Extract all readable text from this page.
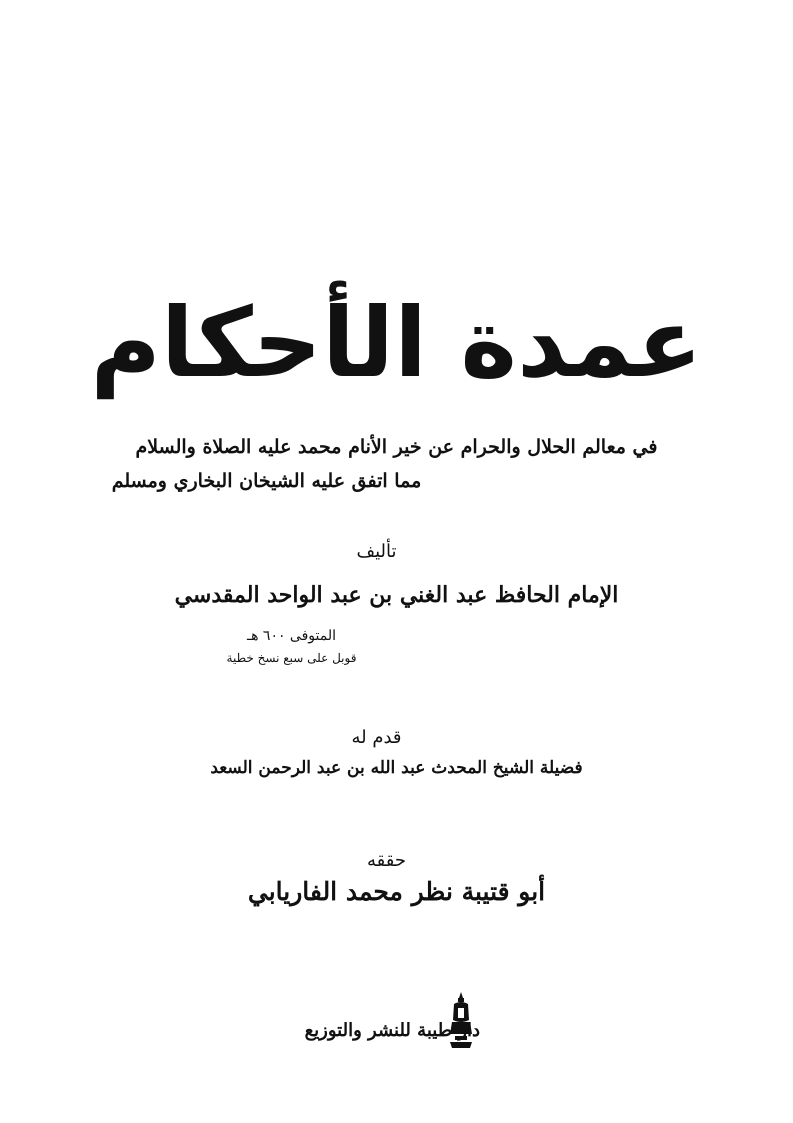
عمدة الأحكام
في معالم الحلال والحرام عن خير الأنام محمد عليه الصلاة والسلام
مما اتفق عليه الشيخان البخاري ومسلم
تأليف
الإمام الحافظ عبد الغني بن عبد الواحد المقدسي
المتوفى ٦٠٠ هـ
قوبل على سبع نسخ خطية
قدم له
فضيلة الشيخ المحدث عبد الله بن عبد الرحمن السعد
حققه
أبو قتيبة نظر محمد الفاريابي
دار طيبة للنشر والتوزيع
